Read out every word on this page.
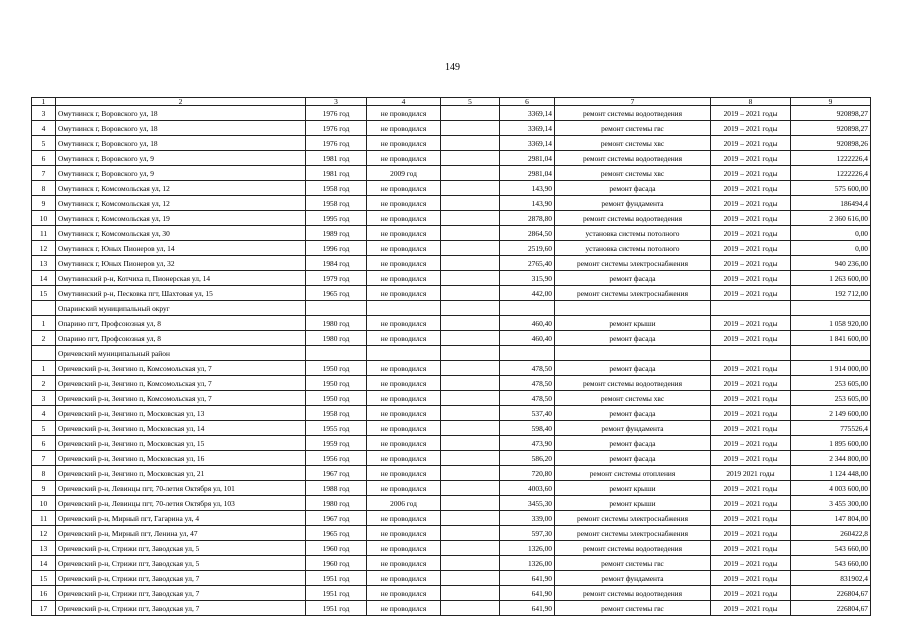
149
1	2	3	4	5	6	7	8	9
3	Омутнинск г, Воровского ул, 18	1976 год	не проводился		3369,14	ремонт системы водоотведения	2019 – 2021 годы	920898,27
4	Омутнинск г, Воровского ул, 18	1976 год	не проводился		3369,14	ремонт системы гвс	2019 – 2021 годы	920898,27
5	Омутнинск г, Воровского ул, 18	1976 год	не проводился		3369,14	ремонт системы хвс	2019 – 2021 годы	920898,26
6	Омутнинск г, Воровского ул, 9	1981 год	не проводился		2981,04	ремонт системы водоотведения	2019 – 2021 годы	1222226,4
7	Омутнинск г, Воровского ул, 9	1981 год	2009 год		2981,04	ремонт системы хвс	2019 – 2021 годы	1222226,4
8	Омутнинск г, Комсомольская ул, 12	1958 год	не проводился		143,90	ремонт фасада	2019 – 2021 годы	575 600,00
9	Омутнинск г, Комсомольская ул, 12	1958 год	не проводился		143,90	ремонт фундамента	2019 – 2021 годы	186494,4
10	Омутнинск г, Комсомольская ул, 19	1995 год	не проводился		2878,80	ремонт системы водоотведения	2019 – 2021 годы	2 360 616,00
11	Омутнинск г, Комсомольская ул, 30	1989 год	не проводился		2864,50	установка системы потолного	2019 – 2021 годы	0,00
12	Омутнинск г, Юных Пионеров ул, 14	1996 год	не проводился		2519,60	установка системы потолного	2019 – 2021 годы	0,00
13	Омутнинск г, Юных Пионеров ул, 32	1984 год	не проводился		2765,40	ремонт системы электроснабжения	2019 – 2021 годы	940 236,00
14	Омутнинский р-н, Котчиха п, Пионерская ул, 14	1979 год	не проводился		315,90	ремонт фасада	2019 – 2021 годы	1 263 600,00
15	Омутнинский р-н, Песковка пгт, Шахтовая ул, 15	1965 год	не проводился		442,00	ремонт системы электроснабжения	2019 – 2021 годы	192 712,00
	Опаринский муниципальный округ							
1	Опарино пгт, Профсоюзная ул, 8	1980 год	не проводился		460,40	ремонт крыши	2019 – 2021 годы	1 058 920,00
2	Опарино пгт, Профсоюзная ул, 8	1980 год	не проводился		460,40	ремонт фасада	2019 – 2021 годы	1 841 600,00
	Оричевский муниципальный район							
1	Оричевский р-н, Зенгино п, Комсомольская ул, 7	1950 год	не проводился		478,50	ремонт фасада	2019 – 2021 годы	1 914 000,00
2	Оричевский р-н, Зенгино п, Комсомольская ул, 7	1950 год	не проводился		478,50	ремонт системы водоотведения	2019 – 2021 годы	253 605,00
3	Оричевский р-н, Зенгино п, Комсомольская ул, 7	1950 год	не проводился		478,50	ремонт системы хвс	2019 – 2021 годы	253 605,00
4	Оричевский р-н, Зенгино п, Московская ул, 13	1958 год	не проводился		537,40	ремонт фасада	2019 – 2021 годы	2 149 600,00
5	Оричевский р-н, Зенгино п, Московская ул, 14	1955 год	не проводился		598,40	ремонт фундамента	2019 – 2021 годы	775526,4
6	Оричевский р-н, Зенгино п, Московская ул, 15	1959 год	не проводился		473,90	ремонт фасада	2019 – 2021 годы	1 895 600,00
7	Оричевский р-н, Зенгино п, Московская ул, 16	1956 год	не проводился		586,20	ремонт фасада	2019 – 2021 годы	2 344 800,00
8	Оричевский р-н, Зенгино п, Московская ул, 21	1967 год	не проводился		720,80	ремонт системы отопления	2019 2021 годы	1 124 448,00
9	Оричевский р-н, Левинцы пгт, 70-летия Октября ул, 101	1988 год	не проводился		4003,60	ремонт крыши	2019 – 2021 годы	4 003 600,00
10	Оричевский р-н, Левинцы пгт, 70-летия Октября ул, 103	1980 год	2006 год		3455,30	ремонт крыши	2019 – 2021 годы	3 455 300,00
11	Оричевский р-н, Мирный пгт, Гагарина ул, 4	1967 год	не проводился		339,00	ремонт системы электроснабжения	2019 – 2021 годы	147 804,00
12	Оричевский р-н, Мирный пгт, Ленина ул, 47	1965 год	не проводился		597,30	ремонт системы электроснабжения	2019 – 2021 годы	260422,8
13	Оричевский р-н, Стрижи пгт, Заводская ул, 5	1960 год	не проводился		1326,00	ремонт системы водоотведения	2019 – 2021 годы	543 660,00
14	Оричевский р-н, Стрижи пгт, Заводская ул, 5	1960 год	не проводился		1326,00	ремонт системы гвс	2019 – 2021 годы	543 660,00
15	Оричевский р-н, Стрижи пгт, Заводская ул, 7	1951 год	не проводился		641,90	ремонт фундамента	2019 – 2021 годы	831902,4
16	Оричевский р-н, Стрижи пгт, Заводская ул, 7	1951 год	не проводился		641,90	ремонт системы водоотведения	2019 – 2021 годы	226804,67
17	Оричевский р-н, Стрижи пгт, Заводская ул, 7	1951 год	не проводился		641,90	ремонт системы гвс	2019 – 2021 годы	226804,67
